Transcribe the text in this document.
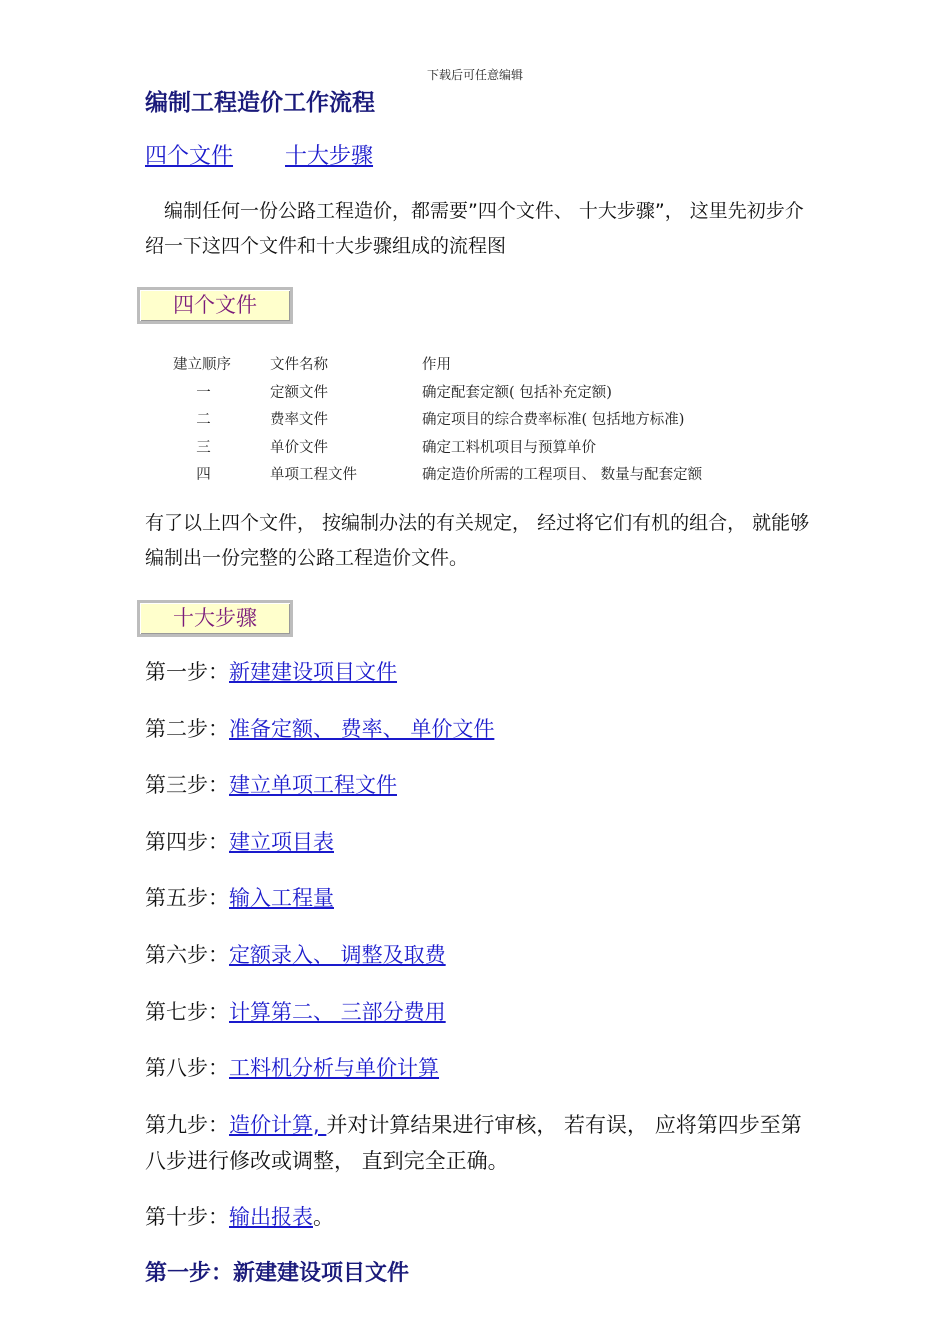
下载后可任意编辑
编制工程造价工作流程
四个文件 十大步骤

编制任何一份公路工程造价，都需要”四个文件、 十大步骤”， 这里先初步介绍一下这四个文件和十大步骤组成的流程图

四个文件
建立顺序	文件名称	作用
一	定额文件	确定配套定额( 包括补充定额)
二	费率文件	确定项目的综合费率标准( 包括地方标准)
三	单价文件	确定工料机项目与预算单价
四	单项工程文件	确定造价所需的工程项目、 数量与配套定额

有了以上四个文件， 按编制办法的有关规定， 经过将它们有机的组合， 就能够编制出一份完整的公路工程造价文件。

十大步骤
第一步：新建建设项目文件
第二步：准备定额、 费率、 单价文件
第三步：建立单项工程文件
第四步：建立项目表
第五步：输入工程量
第六步：定额录入、 调整及取费
第七步：计算第二、 三部分费用
第八步：工料机分析与单价计算
第九步：造价计算, 并对计算结果进行审核， 若有误， 应将第四步至第八步进行修改或调整， 直到完全正确。
第十步：输出报表。
第一步：新建建设项目文件
